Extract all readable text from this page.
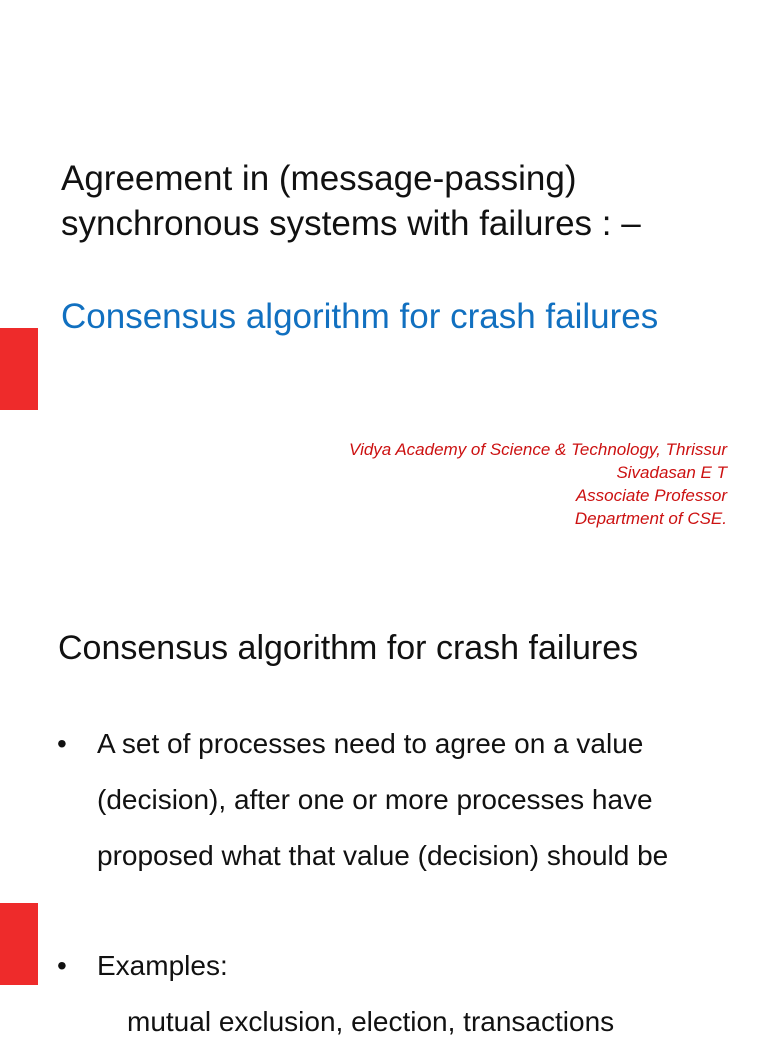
Agreement in (message-passing) synchronous systems with failures : –
Consensus algorithm for crash failures
Vidya Academy of Science & Technology, Thrissur
Sivadasan E T
Associate Professor
Department of CSE.
Consensus algorithm for crash failures
•	A set of processes need to agree on a value
(decision), after one or more processes have
proposed what that value (decision) should be
•	Examples:
mutual exclusion, election, transactions
